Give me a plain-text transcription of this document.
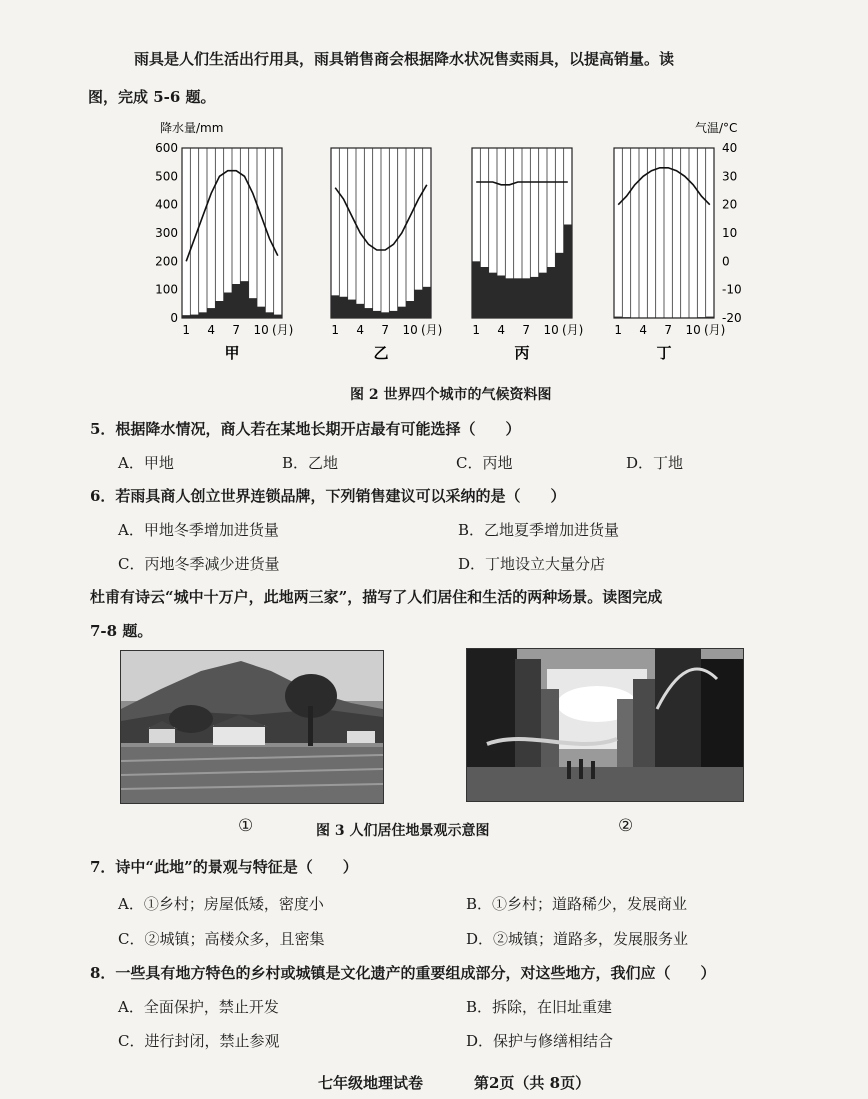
雨具是人们生活出行用具，雨具销售商会根据降水状况售卖雨具，以提高销量。读
图，完成 5-6 题。
降水量/mm	气温/°C
600
500
400
300
200
100
0
40
30
20
10
0
-10
-20
1 4 7 10 (月)
甲
1 4 7 10 (月)
乙
1 4 7 10 (月)
丙
1 4 7 10 (月)
丁
图 2 世界四个城市的气候资料图
5．根据降水情况，商人若在某地长期开店最有可能选择（　　）
A．甲地	B．乙地	C．丙地	D．丁地
6．若雨具商人创立世界连锁品牌，下列销售建议可以采纳的是（　　）
A．甲地冬季增加进货量	B．乙地夏季增加进货量
C．丙地冬季减少进货量	D．丁地设立大量分店
杜甫有诗云“城中十万户，此地两三家”，描写了人们居住和生活的两种场景。读图完成
7-8 题。
①	图 3 人们居住地景观示意图	②
7．诗中“此地”的景观与特征是（　　）
A．①乡村；房屋低矮，密度小	B．①乡村；道路稀少，发展商业
C．②城镇；高楼众多，且密集	D．②城镇；道路多，发展服务业
8．一些具有地方特色的乡村或城镇是文化遗产的重要组成部分，对这些地方，我们应（　　）
A．全面保护，禁止开发	B．拆除，在旧址重建
C．进行封闭，禁止参观	D．保护与修缮相结合
七年级地理试卷	第2页（共 8页）
